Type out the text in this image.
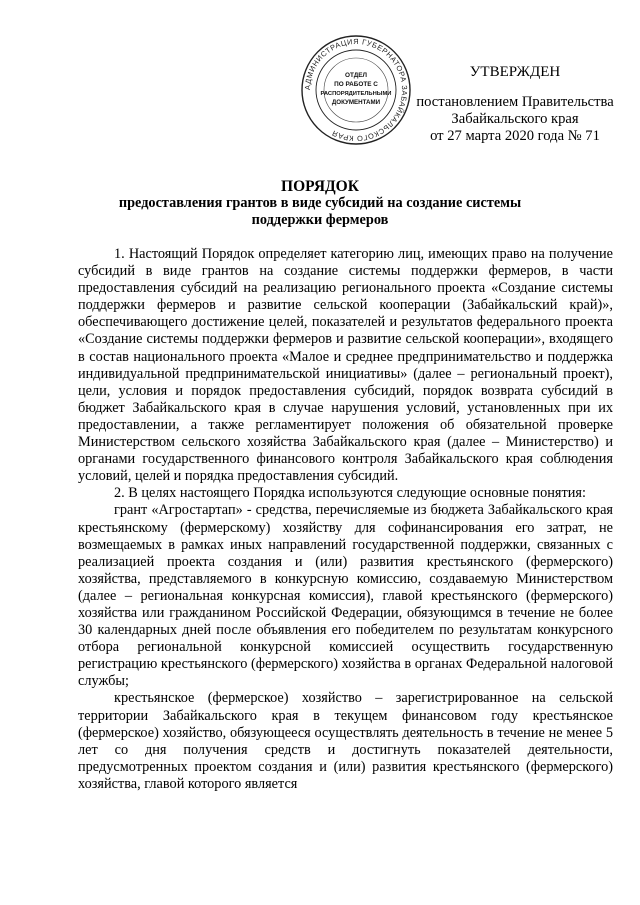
АДМИНИСТРАЦИЯ ГУБЕРНАТОРА ЗАБАЙКАЛЬСКОГО КРАЯ
ОТДЕЛ
ПО РАБОТЕ С
РАСПОРЯДИТЕЛЬНЫМИ
ДОКУМЕНТАМИ
УТВЕРЖДЕН
постановлением Правительства
Забайкальского края
от 27 марта 2020 года № 71
ПОРЯДОК
предоставления грантов в виде субсидий на создание системы
поддержки фермеров

1. Настоящий Порядок определяет категорию лиц, имеющих право на получение субсидий в виде грантов на создание системы поддержки фермеров, в части предоставления субсидий на реализацию регионального проекта «Создание системы поддержки фермеров и развитие сельской кооперации (Забайкальский край)», обеспечивающего достижение целей, показателей и результатов федерального проекта «Создание системы поддержки фермеров и развитие сельской кооперации», входящего в состав национального проекта «Малое и среднее предпринимательство и поддержка индивидуальной предпринимательской инициативы» (далее – региональный проект), цели, условия и порядок предоставления субсидий, порядок возврата субсидий в бюджет Забайкальского края в случае нарушения условий, установленных при их предоставлении, а также регламентирует положения об обязательной проверке Министерством сельского хозяйства Забайкальского края (далее – Министерство) и органами государственного финансового контроля Забайкальского края соблюдения условий, целей и порядка предоставления субсидий.

2. В целях настоящего Порядка используются следующие основные понятия:

грант «Агростартап» - средства, перечисляемые из бюджета Забайкальского края крестьянскому (фермерскому) хозяйству для софинансирования его затрат, не возмещаемых в рамках иных направлений государственной поддержки, связанных с реализацией проекта создания и (или) развития крестьянского (фермерского) хозяйства, представляемого в конкурсную комиссию, создаваемую Министерством (далее – региональная конкурсная комиссия), главой крестьянского (фермерского) хозяйства или гражданином Российской Федерации, обязующимся в течение не более 30 календарных дней после объявления его победителем по результатам конкурсного отбора региональной конкурсной комиссией осуществить государственную регистрацию крестьянского (фермерского) хозяйства в органах Федеральной налоговой службы;

крестьянское (фермерское) хозяйство – зарегистрированное на сельской территории Забайкальского края в текущем финансовом году крестьянское (фермерское) хозяйство, обязующееся осуществлять деятельность в течение не менее 5 лет со дня получения средств и достигнуть показателей деятельности, предусмотренных проектом создания и (или) развития крестьянского (фермерского) хозяйства, главой которого является
